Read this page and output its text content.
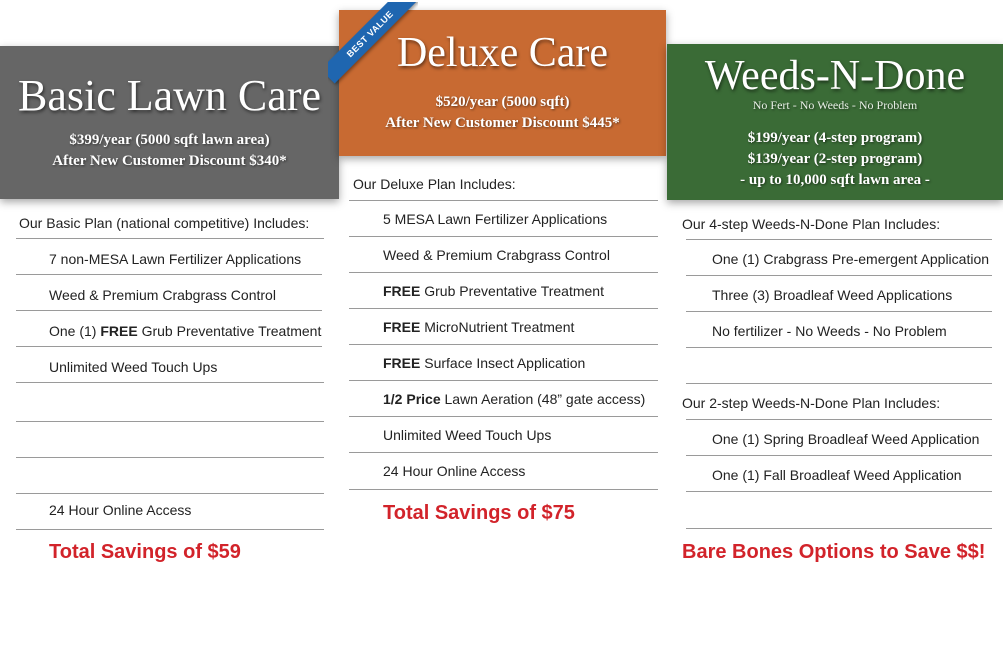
BEST VALUE
Basic Lawn Care
$399/year (5000 sqft lawn area)
After New Customer Discount $340*
Our Basic Plan (national competitive) Includes:
7 non-MESA Lawn Fertilizer Applications
Weed & Premium Crabgrass Control
One (1) FREE Grub Preventative Treatment
Unlimited Weed Touch Ups
24 Hour Online Access
Total Savings of $59
Deluxe Care
$520/year (5000 sqft)
After New Customer Discount $445*
Our Deluxe Plan Includes:
5 MESA Lawn Fertilizer Applications
Weed & Premium Crabgrass Control
FREE Grub Preventative Treatment
FREE MicroNutrient Treatment
FREE Surface Insect Application
1/2 Price Lawn Aeration (48” gate access)
Unlimited Weed Touch Ups
24 Hour Online Access
Total Savings of $75
Weeds-N-Done
No Fert - No Weeds - No Problem
$199/year (4-step program)
$139/year (2-step program)
- up to 10,000 sqft lawn area -
Our 4-step Weeds-N-Done Plan Includes:
One (1) Crabgrass Pre-emergent Application
Three (3) Broadleaf Weed Applications
No fertilizer - No Weeds - No Problem
Our 2-step Weeds-N-Done Plan Includes:
One (1) Spring Broadleaf Weed Application
One (1) Fall Broadleaf Weed Application
Bare Bones Options to Save $$!
